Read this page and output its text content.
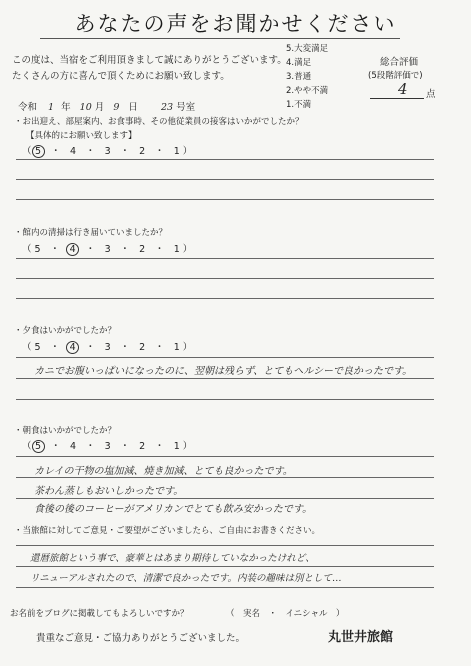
あなたの声をお聞かせください
この度は、当宿をご利用頂きまして誠にありがとうございます。
たくさんの方に喜んで頂くためにお願い致します。
5.大変満足
4.満足
3.普通
2.やや不満
1.不満
総合評価
(5段階評価で)
4 点
令和 1 年 10 月 9 日 23 号室
・お出迎え、部屋案内、お食事時、その他従業員の接客はいかがでしたか？
【具体的にお願い致します】
（ 5　・　4　・　3　・　2　・　1 ）
・館内の清掃は行き届いていましたか？
（ 5　・　4　・　3　・　2　・　1 ）
・夕食はいかがでしたか？
（ 5　・　4　・　3　・　2　・　1 ）
カニでお腹いっぱいになったのに、翌朝は残らず、とてもヘルシーで良かったです。
・朝食はいかがでしたか？
（ 5　・　4　・　3　・　2　・　1 ）
カレイの干物の塩加減、焼き加減、とても良かったです。
茶わん蒸しもおいしかったです。
食後の後のコーヒーがアメリカンでとても飲み安かったです。
・当旅館に対してご意見・ご要望がございましたら、ご自由にお書きください。
還暦旅館という事で、豪華とはあまり期待していなかったけれど、
リニューアルされたので、清潔で良かったです。内装の趣味は別として…
お名前をブログに掲載してもよろしいですか？	（　実名　・　イニシャル　）
貴重なご意見・ご協力ありがとうございました。	丸世井旅館
